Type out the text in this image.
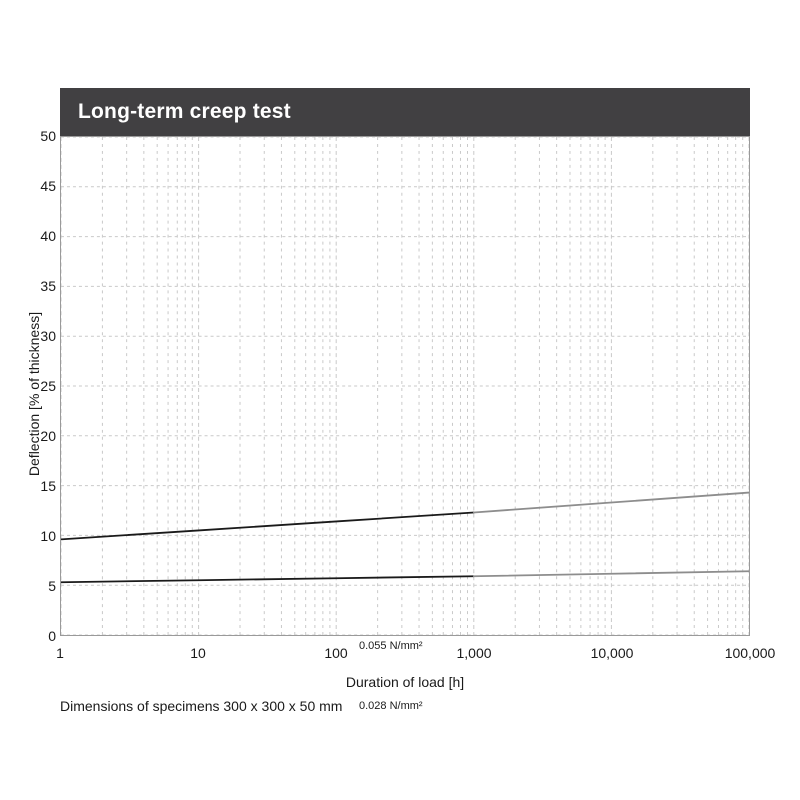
Long-term creep test
0.055 N/mm²
0.028 N/mm²
Deflection [% of thickness]
Duration of load [h]
Dimensions of specimens 300 x 300 x 50 mm
0
5
10
15
20
25
30
35
40
45
50
1	10	100	1,000	10,000	100,000
